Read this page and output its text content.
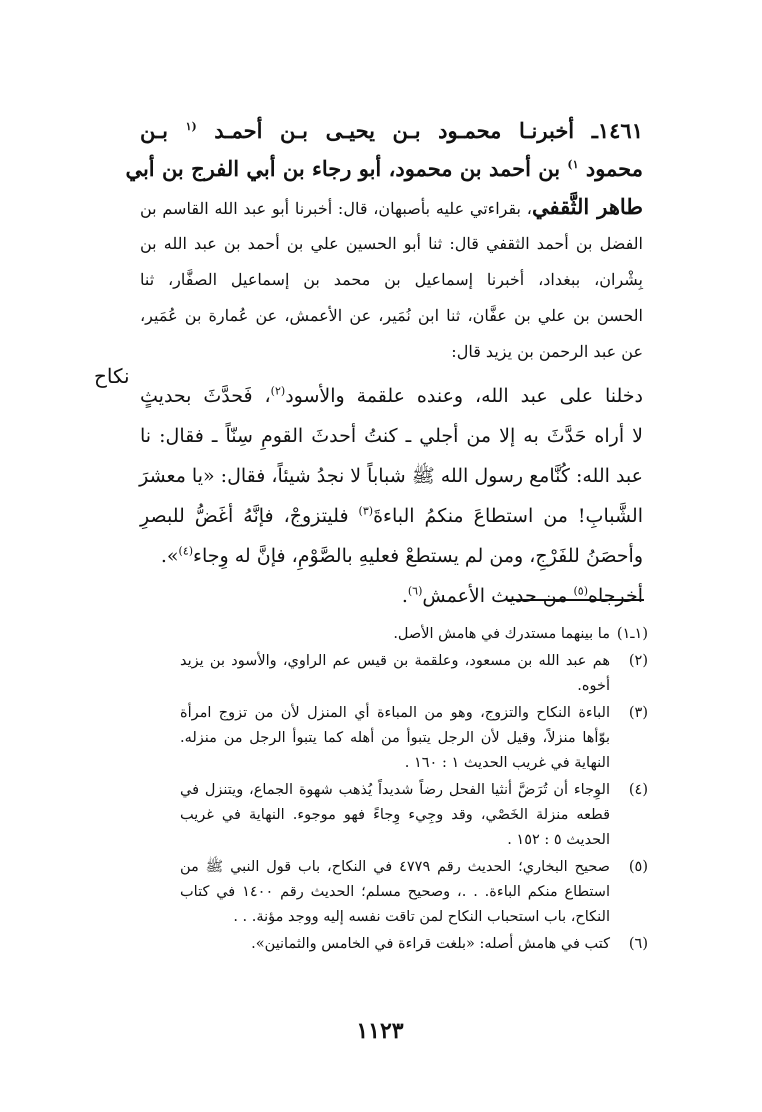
١٤٦١ـ أخبرنـا محمـود بـن يحيـى بـن أحمـد $^{(١}$ بـن
محمود $^{١)}$ بن أحمد بن محمود، أبو رجاء بن أبي الفرج بن أبي
طاهر الثَّقفي، بقراءتي عليه بأصبهان، قال: أخبرنا أبو عبد الله القاسم بن
الفضل بن أحمد الثقفي قال: ثنا أبو الحسين علي بن أحمد بن عبد الله بن
بِشْران، ببغداد، أخبرنا إسماعيل بن محمد بن إسماعيل الصفَّار، ثنا
الحسن بن علي بن عفَّان، ثنا ابن نُمَير، عن الأعمش، عن عُمارة بن عُمَير،
عن عبد الرحمن بن يزيد قال:
دخلنا على عبد الله، وعنده علقمة والأسود$^{(٢)}$، فَحدَّثَ بحديثٍ
لا أراه حَدَّثَ به إلا من أجلي ـ كنتُ أحدثَ القومِ سِنّاً ـ فقال: نا
عبد الله: كُنَّامع رسول الله ﷺ شباباً لا نجدُ شيئاً، فقال: «يا معشرَ
الشَّبابِ! من استطاعَ منكمُ الباءةَ$^{(٣)}$ فليتزوجْ، فإنَّهُ أغَضُّ للبصرِ
وأحصَنُ للفَرْجِ، ومن لم يستطعْ فعليهِ بالصَّوْمِ، فإنَّ له وِجاء$^{(٤)}$».
أخرجاه$^{(٥)}$ من حديث الأعمش$^{(٦)}$.
نكاح
(١ـ١)
ما بينهما مستدرك في هامش الأصل.
(٢)
هم عبد الله بن مسعود، وعلقمة بن قيس عم الراوي، والأسود بن يزيد أخوه.
(٣)
الباءة النكاح والتزوج، وهو من المباءة أي المنزل لأن من تزوج امرأة بوّأها منزلاً، وقيل لأن الرجل يتبوأ من أهله كما يتبوأ الرجل من منزله. النهاية في غريب الحديث ١ : ١٦٠ .
(٤)
الوِجاء أن تُرَضَّ أنثيا الفحل رضاً شديداً يُذهب شهوة الجماع، ويتنزل في قطعه منزلة الخَصْي، وقد وجِيء وِجاءً فهو موجوء. النهاية في غريب الحديث ٥ : ١٥٢ .
(٥)
صحيح البخاري؛ الحديث رقم ٤٧٧٩ في النكاح، باب قول النبي ﷺ من استطاع منكم الباءة. . .، وصحيح مسلم؛ الحديث رقم ١٤٠٠ في كتاب النكاح، باب استحباب النكاح لمن تاقت نفسه إليه ووجد مؤنة. . .
(٦)
كتب في هامش أصله: «بلغت قراءة في الخامس والثمانين».
١١٢٣
